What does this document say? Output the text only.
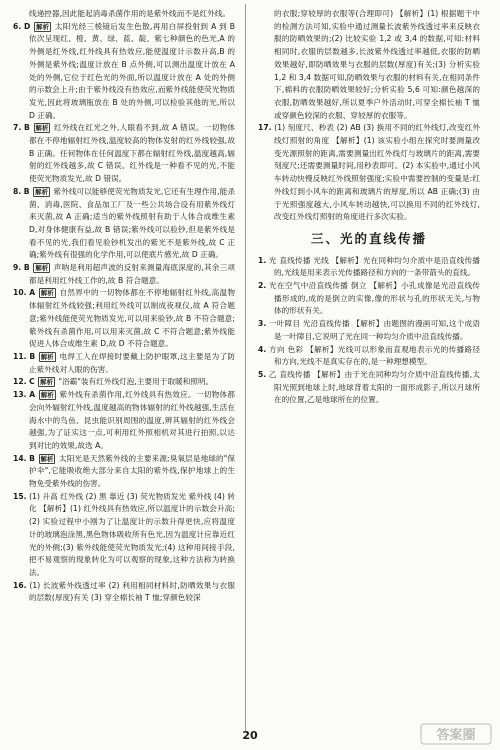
线递控器,因此能起消毒杀菌作用的是紫外线而不是红外线。

6. D 解析 太阳光经三棱镜后发生色散,再用白屏投射到 A 到 B 依次呈现红、橙、黄、绿、蓝、靛、紫七种颜色的色光,A 的外侧是红外线,红外线具有热效应,能使温度计示数升高,B 的外侧是紫外线;温度计放在 B 点外侧,可以测出温度计放在 A 处的外侧,它位于红色光的外面,所以温度计放在 A 处的外侧的示数会上升;由于紫外线没有热效应,而紫外线能使荧光物质发光,因此将玻璃瓶放在 B 处的外侧,可以检验其他的光,所以 D 正确。

7. B 解析 红外线在红光之外,人眼看不到,故 A 错误。一切物体都在不停地辐射红外线,温度较高的物体发射的红外线较强,故 B 正确。任何物体在任何温度下都在辐射红外线,温度越高,辐射的红外线越多,故 C 错误。红外线是一种看不见的光,不能使荧光物质发光,故 D 错误。

8. B 解析 紫外线可以能够使荧光物质发光,它还有生理作用,能杀菌、消毒,医院、食品加工厂及一些公共场合设有用紫外线灯来灭菌,故 A 正确;适当的紫外线照射有助于人体合成维生素 D,对身体健康有益,故 B 错误;紫外线可以验钞,但是紫外线是看不见的光,我们看见验钞机发出的紫光不是紫外线,故 C 正确;紫外线有很强的化学作用,可以使底片感光,故 D 正确。

9. B 解析 声呐是利用超声波的反射来测量海底深度的,其余三项都是利用红外线工作的,故 B 符合题意。

10. A 解析 自然界中的一切物体都在不停地辐射红外线,高温物体辐射红外线较强;利用红外线可以制成夜视仪,故 A 符合题意;紫外线能使荧光物质发光,可以用来验钞,故 B 不符合题意;紫外线有杀菌作用,可以用来灭菌,故 C 不符合题意;紫外线能促进人体合成维生素 D,故 D 不符合题意。

11. B 解析 电焊工人在焊接时要戴上防护眼罩,这主要是为了防止紫外线对人眼的伤害。

12. C 解析 "浴霸"装有红外线灯泡,主要用于取暖和照明。

13. A 解析 紫外线有杀菌作用,红外线具有热效应。一切物体都会向外辐射红外线,温度越高的物体辐射的红外线越强,生活在海水中的鸟鱼、昆虫能识别周围的温度,辨其辐射的红外线会越强,为了证实这一点,可利用红外照相机对其进行拍照,以达到对比的效果,故选 A。

14. B 解析 太阳光是天然紫外线的主要来源;臭氧层是地球的"保护伞",它能吸收绝大部分来自太阳的紫外线,保护地球上的生物免受紫外线的伤害。

15. (1) 升高 红外线 (2) 黑 靠近 (3) 荧光物质发光 紫外线 (4) 转化 【解析】(1) 红外线具有热效应,所以温度计的示数会升高;(2) 实验过程中小刚为了让温度计的示数升得更快,应将温度计的玻璃泡涂黑,黑色物体吸收所有色光,因为温度计应靠近红光的外侧;(3) 紫外线能使荧光物质发光;(4) 这种用间接手段,把不易观察的现象转化为可以观察的现象,这种方法称为转换法。

16. (1) 长波紫外线透过率 (2) 利用相同材料时,防晒效果与衣服的层数(厚度)有关 (3) 穿全棉长袖 T 恤;穿颜色较深

的衣服;穿较厚的衣服等(合理即可) 【解析】(1) 根据题干中的检测方法可知,实验中通过测量长波紫外线透过率来反映衣服的防晒效果的;(2) 比较实验 1,2 或 3,4 的数据,可知:材料相同时,衣服的层数越多,长波紫外线透过率越低,衣服的防晒效果越好,即防晒效果与衣服的层数(厚度)有关;(3) 分析实验 1,2 和 3,4 数据可知,防晒效果与衣服的材料有关,在相同条件下,棉料的衣服防晒效果较好;分析实验 5,6 可知:颜色越深的衣服,防晒效果越好,所以夏季户外活动时,可穿全棉长袖 T 恤或穿颜色较深的衣服、穿较厚的衣服等。

17. (1) 刻度尺、秒表 (2) AB (3) 换用不同的红外线灯,改变红外线灯照射的角度 【解析】(1) 该实验小组在探究时要测量改变光源照射的距离,需要测量出红外线灯与玻璃片的距离,需要刻度尺;还需要测量时间,用秒表即可。(2) 本实验中,通过小风车转动快慢反映红外线照射强度;实验中需要控制的变量是:红外线灯到小风车的距离和玻璃片的厚度,所以 AB 正确;(3) 由于光照强度越大,小风车转动越快,可以换用不同的红外线灯,改变红外线灯照射的角度进行多次实验。

三、光的直线传播

1. 光 直线传播 光线 【解析】光在同种均匀介质中是沿直线传播的,光线是用来表示光传播路径和方向的一条带箭头的直线。

2. 光在空气中沿直线传播 倒立 【解析】小孔成像是光沿直线传播形成的,成的是倒立的实像,像的形状与孔的形状无关,与物体的形状有关。

3. 一叶障目 光沿直线传播 【解析】由题图的漫画可知,这个成语是一叶障目,它说明了光在同一种均匀介质中沿直线传播。

4. 方向 色彩 【解析】光线可以形象而直观地表示光的传播路径和方向,光线不是真实存在的,是一种理想模型。

5. 乙 直线传播 【解析】由于光在同种均匀介质中沿直线传播,太阳光照到地球上时,地球背着太阳的一面形成影子,所以月球所在的位置,乙是地球所在的位置。

20	答案圈
